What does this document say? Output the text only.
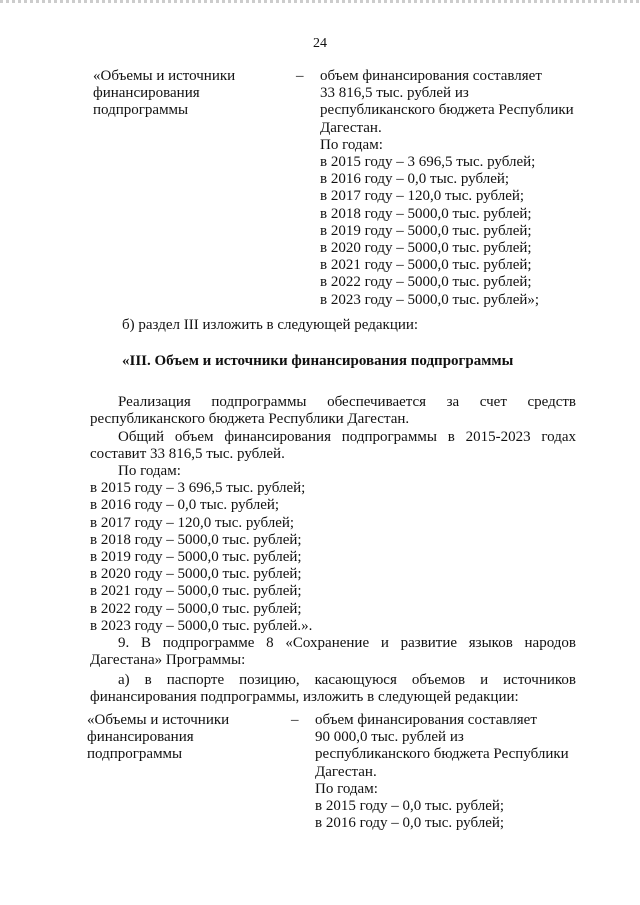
24
«Объемы и источники
финансирования
подпрограммы
– объем финансирования составляет
33 816,5 тыс. рублей из
республиканского бюджета Республики
Дагестан.
По годам:
в 2015 году – 3 696,5 тыс. рублей;
в 2016 году – 0,0 тыс. рублей;
в 2017 году – 120,0 тыс. рублей;
в 2018 году – 5000,0 тыс. рублей;
в 2019 году – 5000,0 тыс. рублей;
в 2020 году – 5000,0 тыс. рублей;
в 2021 году – 5000,0 тыс. рублей;
в 2022 году – 5000,0 тыс. рублей;
в 2023 году – 5000,0 тыс. рублей»;
б) раздел III изложить в следующей редакции:
«III. Объем и источники финансирования подпрограммы
Реализация подпрограммы обеспечивается за счет средств
республиканского бюджета Республики Дагестан.
Общий объем финансирования подпрограммы в 2015-2023 годах
составит 33 816,5 тыс. рублей.
По годам:
в 2015 году – 3 696,5 тыс. рублей;
в 2016 году – 0,0 тыс. рублей;
в 2017 году – 120,0 тыс. рублей;
в 2018 году – 5000,0 тыс. рублей;
в 2019 году – 5000,0 тыс. рублей;
в 2020 году – 5000,0 тыс. рублей;
в 2021 году – 5000,0 тыс. рублей;
в 2022 году – 5000,0 тыс. рублей;
в 2023 году – 5000,0 тыс. рублей.».
9. В подпрограмме 8 «Сохранение и развитие языков народов
Дагестана» Программы:
а) в паспорте позицию, касающуюся объемов и источников
финансирования подпрограммы, изложить в следующей редакции:
«Объемы и источники
финансирования
подпрограммы
– объем финансирования составляет
90 000,0 тыс. рублей из
республиканского бюджета Республики
Дагестан.
По годам:
в 2015 году – 0,0 тыс. рублей;
в 2016 году – 0,0 тыс. рублей;
